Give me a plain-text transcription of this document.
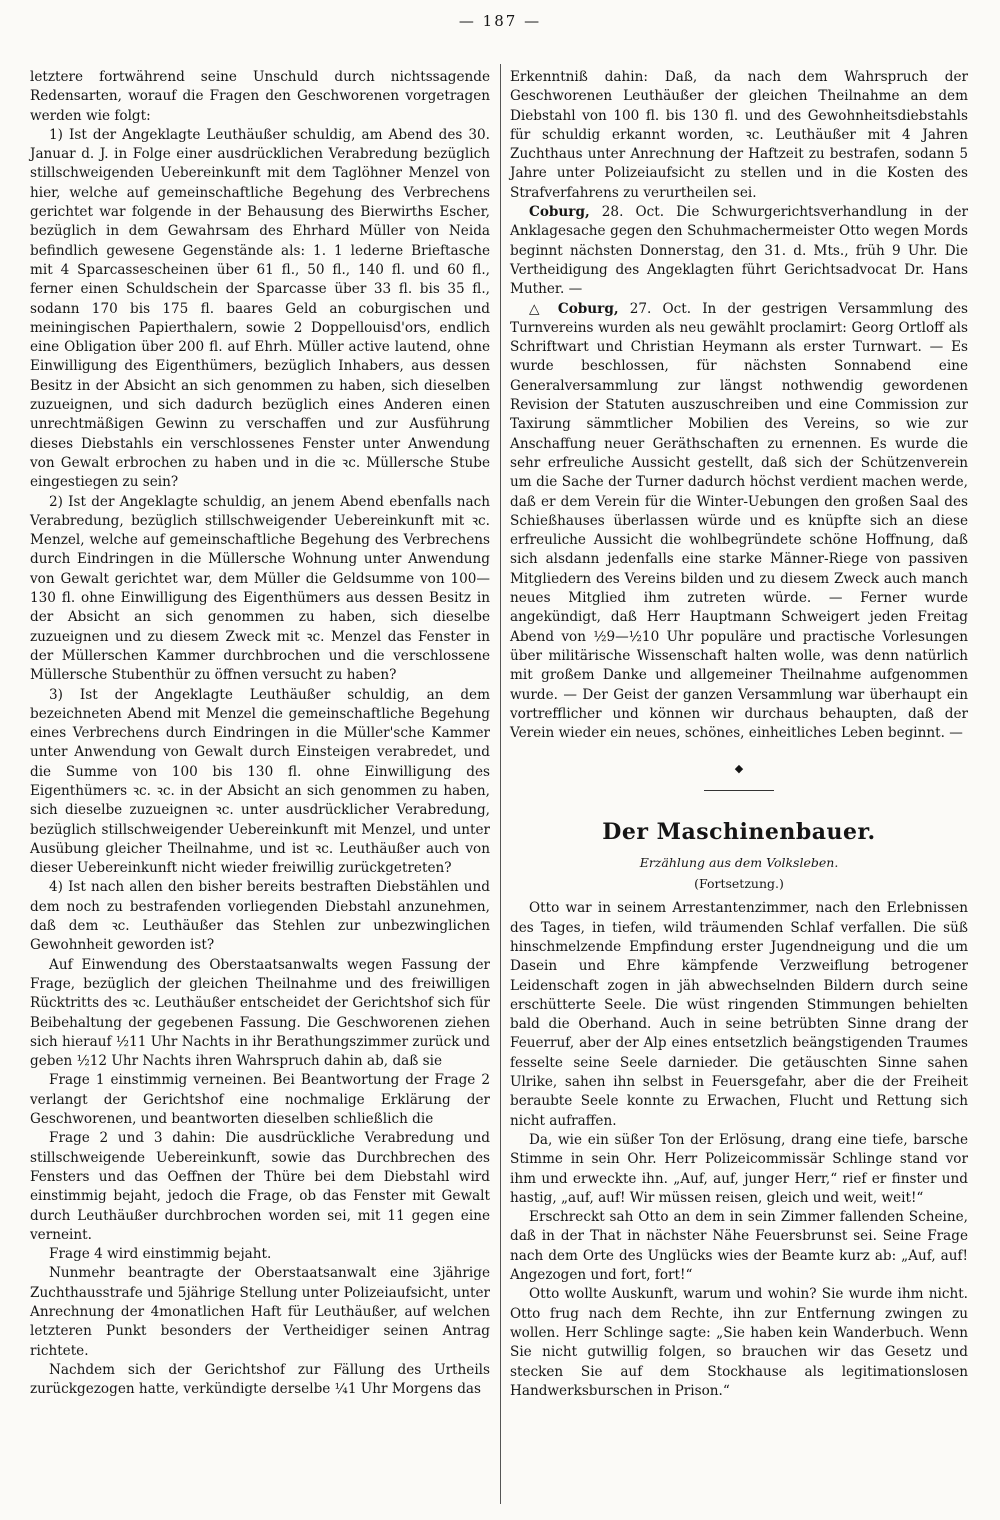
— 187 —

letztere fortwährend seine Unschuld durch nichtssagende Redensarten, worauf die Fragen den Geschworenen vorgetragen werden wie folgt:

1) Ist der Angeklagte Leuthäußer schuldig, am Abend des 30. Januar d. J. in Folge einer ausdrücklichen Verabredung bezüglich stillschweigenden Uebereinkunft mit dem Taglöhner Menzel von hier, welche auf gemeinschaftliche Begehung des Verbrechens gerichtet war folgende in der Behausung des Bierwirths Escher, bezüglich in dem Gewahrsam des Ehrhard Müller von Neida befindlich gewesene Gegenstände als: 1. 1 lederne Brieftasche mit 4 Sparcassescheinen über 61 fl., 50 fl., 140 fl. und 60 fl., ferner einen Schuldschein der Sparcasse über 33 fl. bis 35 fl., sodann 170 bis 175 fl. baares Geld an coburgischen und meiningischen Papierthalern, sowie 2 Doppellouisd'ors, endlich eine Obligation über 200 fl. auf Ehrh. Müller active lautend, ohne Einwilligung des Eigenthümers, bezüglich Inhabers, aus dessen Besitz in der Absicht an sich genommen zu haben, sich dieselben zuzueignen, und sich dadurch bezüglich eines Anderen einen unrechtmäßigen Gewinn zu verschaffen und zur Ausführung dieses Diebstahls ein verschlossenes Fenster unter Anwendung von Gewalt erbrochen zu haben und in die ꝛc. Müllersche Stube eingestiegen zu sein?

2) Ist der Angeklagte schuldig, an jenem Abend ebenfalls nach Verabredung, bezüglich stillschweigender Uebereinkunft mit ꝛc. Menzel, welche auf gemeinschaftliche Begehung des Verbrechens durch Eindringen in die Müllersche Wohnung unter Anwendung von Gewalt gerichtet war, dem Müller die Geldsumme von 100—130 fl. ohne Einwilligung des Eigenthümers aus dessen Besitz in der Absicht an sich genommen zu haben, sich dieselbe zuzueignen und zu diesem Zweck mit ꝛc. Menzel das Fenster in der Müllerschen Kammer durchbrochen und die verschlossene Müllersche Stubenthür zu öffnen versucht zu haben?

3) Ist der Angeklagte Leuthäußer schuldig, an dem bezeichneten Abend mit Menzel die gemeinschaftliche Begehung eines Verbrechens durch Eindringen in die Müller'sche Kammer unter Anwendung von Gewalt durch Einsteigen verabredet, und die Summe von 100 bis 130 fl. ohne Einwilligung des Eigenthümers ꝛc. ꝛc. in der Absicht an sich genommen zu haben, sich dieselbe zuzueignen ꝛc. unter ausdrücklicher Verabredung, bezüglich stillschweigender Uebereinkunft mit Menzel, und unter Ausübung gleicher Theilnahme, und ist ꝛc. Leuthäußer auch von dieser Uebereinkunft nicht wieder freiwillig zurückgetreten?

4) Ist nach allen den bisher bereits bestraften Diebstählen und dem noch zu bestrafenden vorliegenden Diebstahl anzunehmen, daß dem ꝛc. Leuthäußer das Stehlen zur unbezwinglichen Gewohnheit geworden ist?

Auf Einwendung des Oberstaatsanwalts wegen Fassung der Frage, bezüglich der gleichen Theilnahme und des freiwilligen Rücktritts des ꝛc. Leuthäußer entscheidet der Gerichtshof sich für Beibehaltung der gegebenen Fassung. Die Geschworenen ziehen sich hierauf ½11 Uhr Nachts in ihr Berathungszimmer zurück und geben ½12 Uhr Nachts ihren Wahrspruch dahin ab, daß sie

Frage 1 einstimmig verneinen. Bei Beantwortung der Frage 2 verlangt der Gerichtshof eine nochmalige Erklärung der Geschworenen, und beantworten dieselben schließlich die

Frage 2 und 3 dahin: Die ausdrückliche Verabredung und stillschweigende Uebereinkunft, sowie das Durchbrechen des Fensters und das Oeffnen der Thüre bei dem Diebstahl wird einstimmig bejaht, jedoch die Frage, ob das Fenster mit Gewalt durch Leuthäußer durchbrochen worden sei, mit 11 gegen eine verneint.

Frage 4 wird einstimmig bejaht.

Nunmehr beantragte der Oberstaatsanwalt eine 3jährige Zuchthausstrafe und 5jährige Stellung unter Polizeiaufsicht, unter Anrechnung der 4monatlichen Haft für Leuthäußer, auf welchen letzteren Punkt besonders der Vertheidiger seinen Antrag richtete.

Nachdem sich der Gerichtshof zur Fällung des Urtheils zurückgezogen hatte, verkündigte derselbe ¼1 Uhr Morgens das

Erkenntniß dahin: Daß, da nach dem Wahrspruch der Geschworenen Leuthäußer der gleichen Theilnahme an dem Diebstahl von 100 fl. bis 130 fl. und des Gewohnheitsdiebstahls für schuldig erkannt worden, ꝛc. Leuthäußer mit 4 Jahren Zuchthaus unter Anrechnung der Haftzeit zu bestrafen, sodann 5 Jahre unter Polizeiaufsicht zu stellen und in die Kosten des Strafverfahrens zu verurtheilen sei.

Coburg, 28. Oct. Die Schwurgerichtsverhandlung in der Anklagesache gegen den Schuhmachermeister Otto wegen Mords beginnt nächsten Donnerstag, den 31. d. Mts., früh 9 Uhr. Die Vertheidigung des Angeklagten führt Gerichtsadvocat Dr. Hans Muther. —

△ Coburg, 27. Oct. In der gestrigen Versammlung des Turnvereins wurden als neu gewählt proclamirt: Georg Ortloff als Schriftwart und Christian Heymann als erster Turnwart. — Es wurde beschlossen, für nächsten Sonnabend eine Generalversammlung zur längst nothwendig gewordenen Revision der Statuten auszuschreiben und eine Commission zur Taxirung sämmtlicher Mobilien des Vereins, so wie zur Anschaffung neuer Geräthschaften zu ernennen. Es wurde die sehr erfreuliche Aussicht gestellt, daß sich der Schützenverein um die Sache der Turner dadurch höchst verdient machen werde, daß er dem Verein für die Winter-Uebungen den großen Saal des Schießhauses überlassen würde und es knüpfte sich an diese erfreuliche Aussicht die wohlbegründete schöne Hoffnung, daß sich alsdann jedenfalls eine starke Männer-Riege von passiven Mitgliedern des Vereins bilden und zu diesem Zweck auch manch neues Mitglied ihm zutreten würde. — Ferner wurde angekündigt, daß Herr Hauptmann Schweigert jeden Freitag Abend von ½9—½10 Uhr populäre und practische Vorlesungen über militärische Wissenschaft halten wolle, was denn natürlich mit großem Danke und allgemeiner Theilnahme aufgenommen wurde. — Der Geist der ganzen Versammlung war überhaupt ein vortrefflicher und können wir durchaus behaupten, daß der Verein wieder ein neues, schönes, einheitliches Leben beginnt. —

◆
Der Maschinenbauer.
Erzählung aus dem Volksleben.
(Fortsetzung.)

Otto war in seinem Arrestantenzimmer, nach den Erlebnissen des Tages, in tiefen, wild träumenden Schlaf verfallen. Die süß hinschmelzende Empfindung erster Jugendneigung und die um Dasein und Ehre kämpfende Verzweiflung betrogener Leidenschaft zogen in jäh abwechselnden Bildern durch seine erschütterte Seele. Die wüst ringenden Stimmungen behielten bald die Oberhand. Auch in seine betrübten Sinne drang der Feuerruf, aber der Alp eines entsetzlich beängstigenden Traumes fesselte seine Seele darnieder. Die getäuschten Sinne sahen Ulrike, sahen ihn selbst in Feuersgefahr, aber die der Freiheit beraubte Seele konnte zu Erwachen, Flucht und Rettung sich nicht aufraffen.

Da, wie ein süßer Ton der Erlösung, drang eine tiefe, barsche Stimme in sein Ohr. Herr Polizeicommissär Schlinge stand vor ihm und erweckte ihn. „Auf, auf, junger Herr,“ rief er finster und hastig, „auf, auf! Wir müssen reisen, gleich und weit, weit!“

Erschreckt sah Otto an dem in sein Zimmer fallenden Scheine, daß in der That in nächster Nähe Feuersbrunst sei. Seine Frage nach dem Orte des Unglücks wies der Beamte kurz ab: „Auf, auf! Angezogen und fort, fort!“

Otto wollte Auskunft, warum und wohin? Sie wurde ihm nicht. Otto frug nach dem Rechte, ihn zur Entfernung zwingen zu wollen. Herr Schlinge sagte: „Sie haben kein Wanderbuch. Wenn Sie nicht gutwillig folgen, so brauchen wir das Gesetz und stecken Sie auf dem Stockhause als legitimationslosen Handwerksburschen in Prison.“
